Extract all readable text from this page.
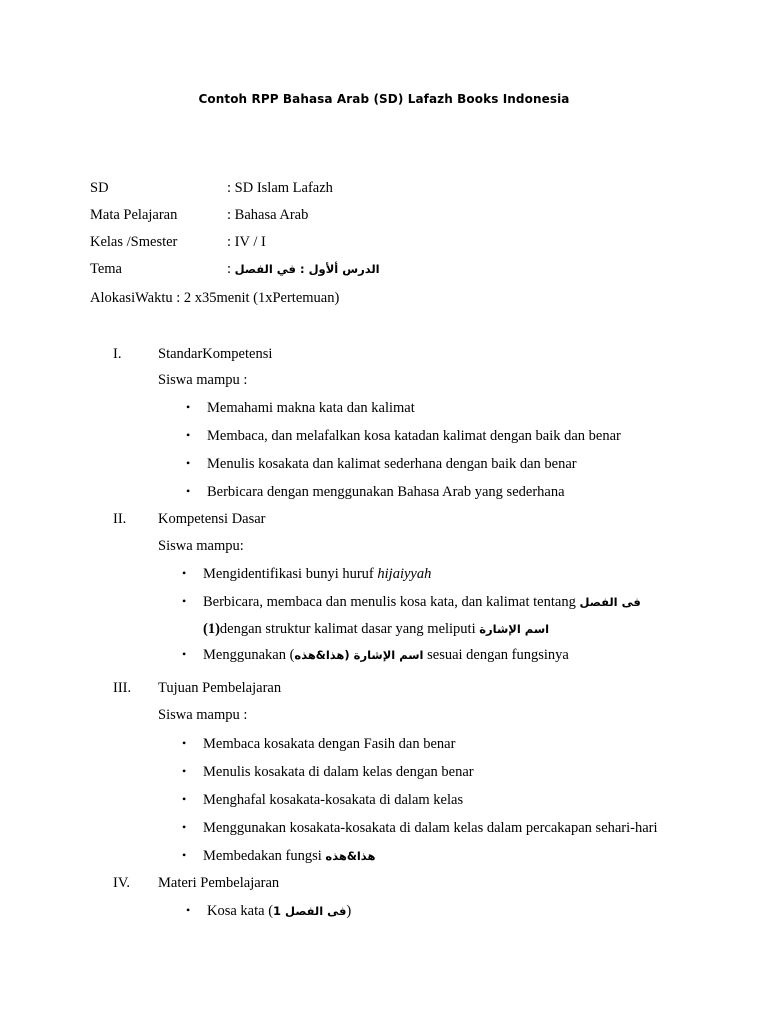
Contoh RPP Bahasa Arab (SD) Lafazh Books Indonesia
SD	: SD Islam Lafazh
Mata Pelajaran	: Bahasa Arab
Kelas /Smester	: IV / I
Tema	: الدرس ألأول : في الفصل
AlokasiWaktu : 2 x35menit (1xPertemuan)
I.	StandarKompetensi
Siswa mampu :
• Memahami makna kata dan kalimat
• Membaca, dan melafalkan kosa katadan kalimat dengan baik dan benar
• Menulis kosakata dan kalimat sederhana dengan baik dan benar
• Berbicara dengan menggunakan Bahasa Arab yang sederhana
II. Kompetensi Dasar
Siswa mampu:
• Mengidentifikasi bunyi huruf hijaiyyah
• Berbicara, membaca dan menulis kosa kata, dan kalimat tentang فى الفصل
(1)dengan struktur kalimat dasar yang meliputi اسم الإشارة
• Menggunakan (اسم الإشارة (هذا&هذه sesuai dengan fungsinya
III. Tujuan Pembelajaran
Siswa mampu :
• Membaca kosakata dengan Fasih dan benar
• Menulis kosakata di dalam kelas dengan benar
• Menghafal kosakata-kosakata di dalam kelas
• Menggunakan kosakata-kosakata di dalam kelas dalam percakapan sehari-hari
• Membedakan fungsi هذا&هذه
IV. Materi Pembelajaran
• Kosa kata (فى الفصل 1)
